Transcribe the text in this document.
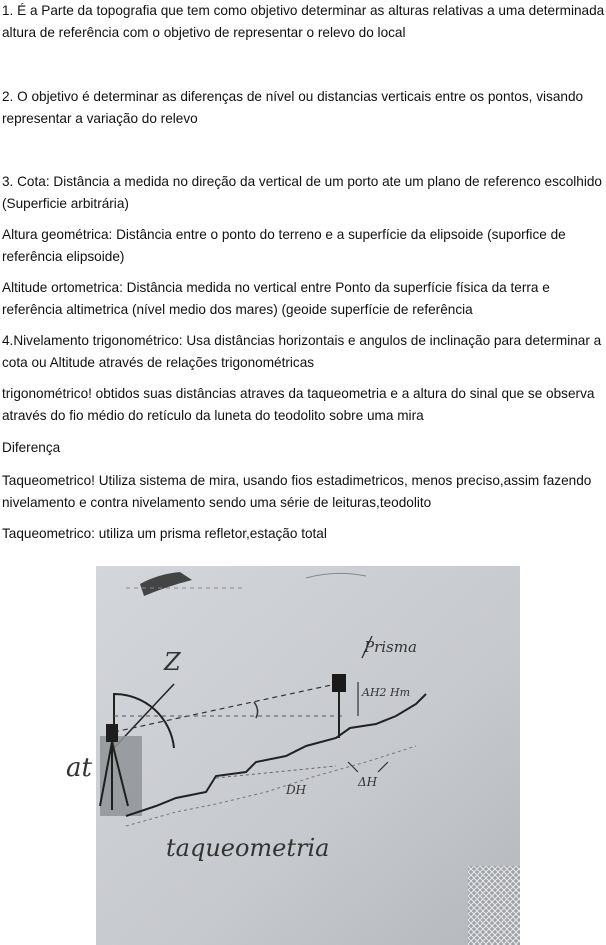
1. É a Parte da topografia que tem como objetivo determinar as alturas relativas a uma determinada altura de referência com o objetivo de representar o relevo do local
2. O objetivo é determinar as diferenças de nível ou distancias verticais entre os pontos, visando representar a variação do relevo
3. Cota: Distância a medida no direção da vertical de um porto ate um plano de referenco escolhido (Superficie arbitrária)
Altura geométrica: Distância entre o ponto do terreno e a superfície da elipsoide (suporfice de referência elipsoide)
Altitude ortometrica: Distância medida no vertical entre Ponto da superfície física da terra e referência altimetrica (nível medio dos mares) (geoide superfície de referência
4.Nivelamento trigonométrico: Usa distâncias horizontais e angulos de inclinação para determinar a cota ou Altitude através de relações trigonométricas
trigonométrico! obtidos suas distâncias atraves da taqueometria e a altura do sinal que se observa através do fio médio do retículo da luneta do teodolito sobre uma mira
Diferença
Taqueometrico! Utiliza sistema de mira, usando fios estadimetricos, menos preciso,assim fazendo nivelamento e contra nivelamento sendo uma série de leituras,teodolito
Taqueometrico: utiliza um prisma refletor,estação total
Z
at
Prisma
AH2 Hm
ΔH
DH
taqueometria
